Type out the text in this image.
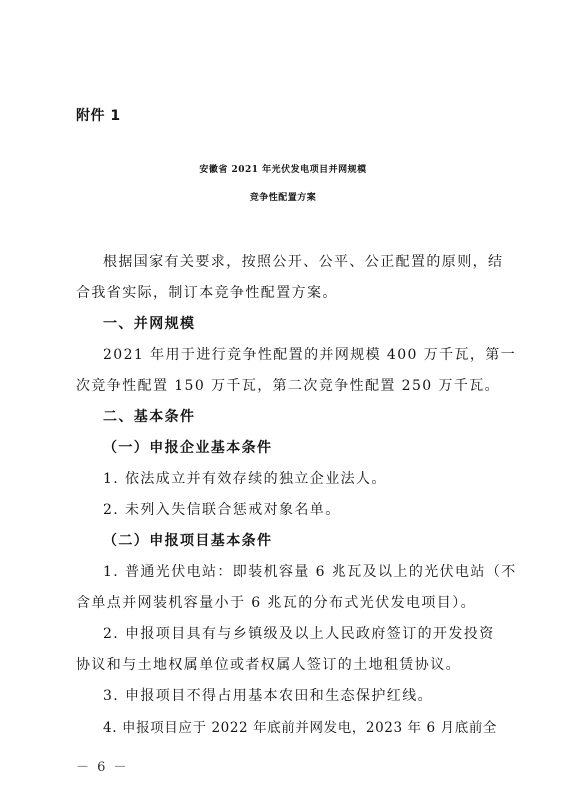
附件 1
安徽省 2021 年光伏发电项目并网规模
竞争性配置方案
根据国家有关要求，按照公开、公平、公正配置的原则，结
合我省实际，制订本竞争性配置方案。
一、并网规模
2021 年用于进行竞争性配置的并网规模 400 万千瓦，第一
次竞争性配置 150 万千瓦，第二次竞争性配置 250 万千瓦。
二、基本条件
（一）申报企业基本条件
1. 依法成立并有效存续的独立企业法人。
2. 未列入失信联合惩戒对象名单。
（二）申报项目基本条件
1. 普通光伏电站：即装机容量 6 兆瓦及以上的光伏电站（不
含单点并网装机容量小于 6 兆瓦的分布式光伏发电项目）。
2. 申报项目具有与乡镇级及以上人民政府签订的开发投资
协议和与土地权属单位或者权属人签订的土地租赁协议。
3. 申报项目不得占用基本农田和生态保护红线。
4. 申报项目应于 2022 年底前并网发电，2023 年 6 月底前全
－ 6 －
